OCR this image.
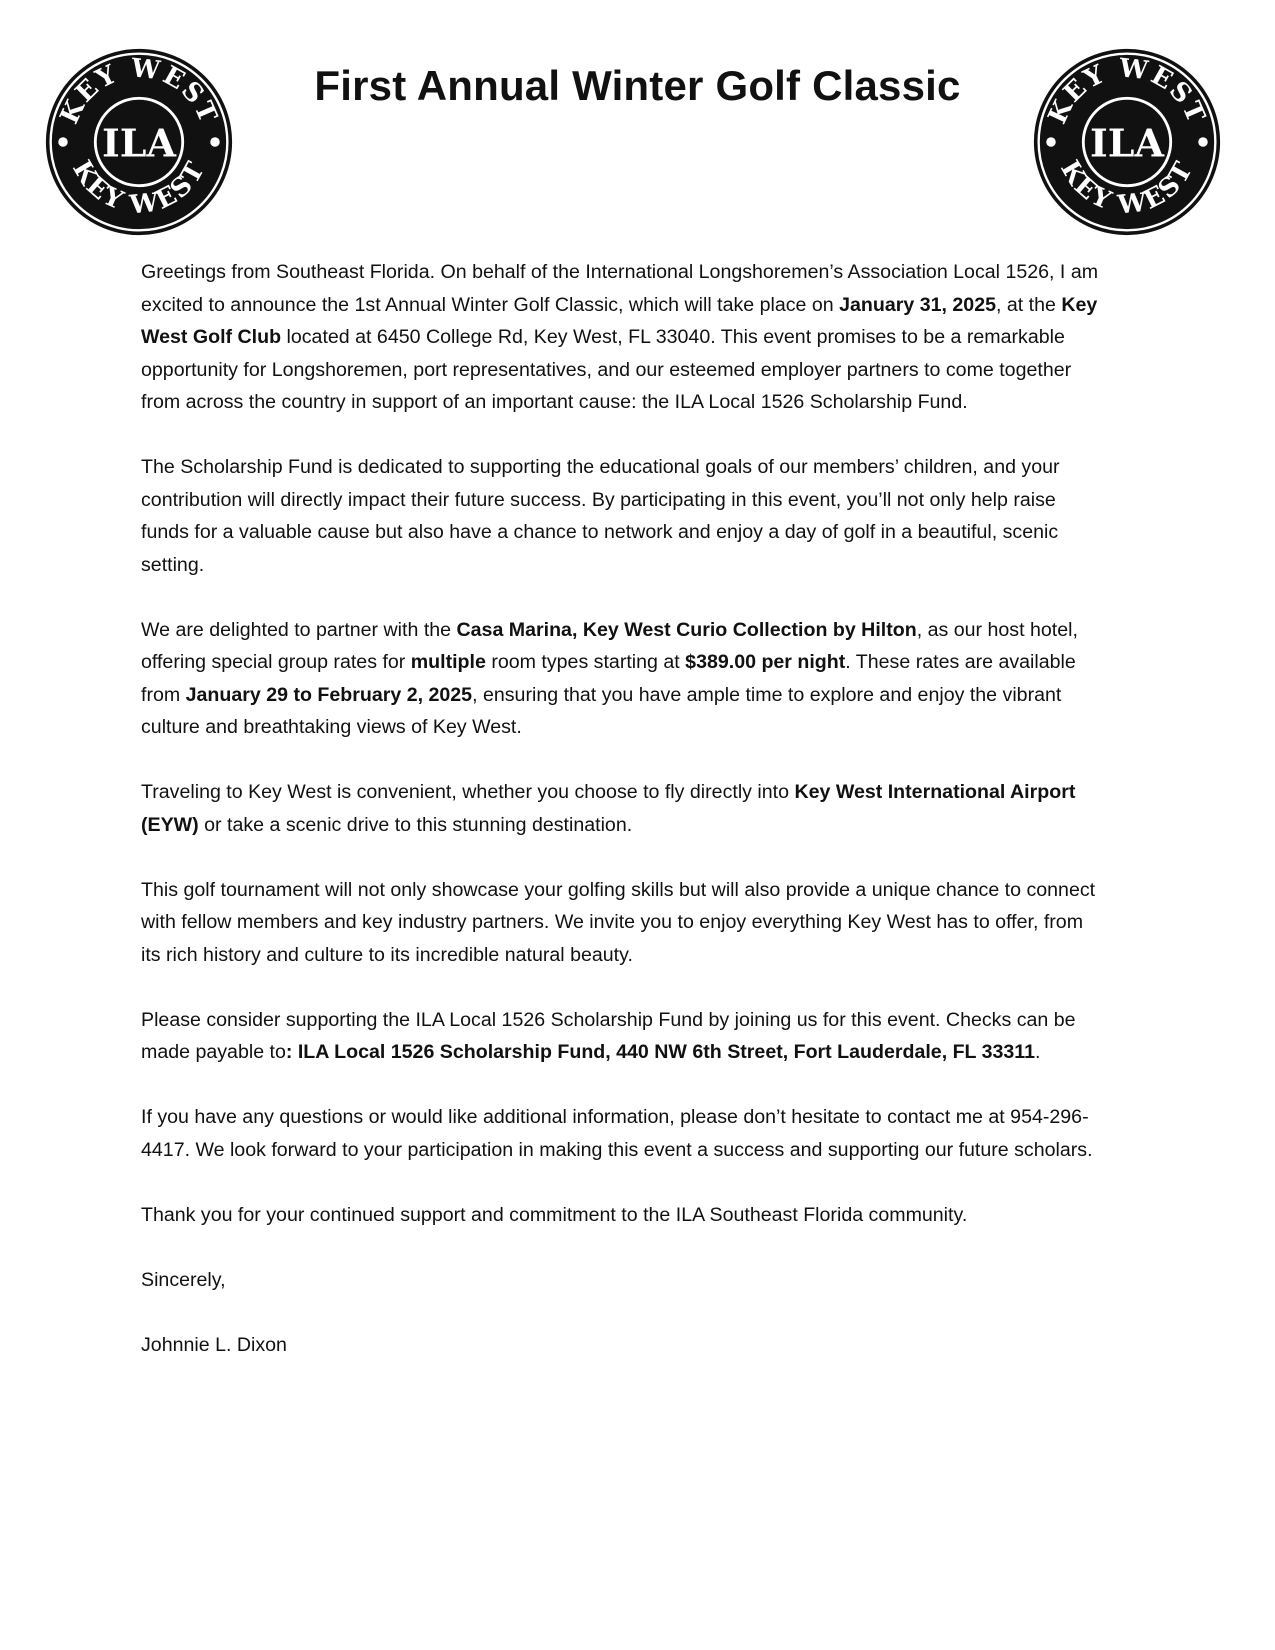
KEY WEST
KEY WEST
ILA
First Annual Winter Golf Classic
KEY WEST
KEY WEST
ILA

Greetings from Southeast Florida. On behalf of the International Longshoremen’s Association Local 1526, I am excited to announce the 1st Annual Winter Golf Classic, which will take place on January 31, 2025, at the Key West Golf Club located at 6450 College Rd, Key West, FL 33040. This event promises to be a remarkable opportunity for Longshoremen, port representatives, and our esteemed employer partners to come together from across the country in support of an important cause: the ILA Local 1526 Scholarship Fund.

The Scholarship Fund is dedicated to supporting the educational goals of our members’ children, and your contribution will directly impact their future success. By participating in this event, you’ll not only help raise funds for a valuable cause but also have a chance to network and enjoy a day of golf in a beautiful, scenic setting.

We are delighted to partner with the Casa Marina, Key West Curio Collection by Hilton, as our host hotel, offering special group rates for multiple room types starting at $389.00 per night. These rates are available from January 29 to February 2, 2025, ensuring that you have ample time to explore and enjoy the vibrant culture and breathtaking views of Key West.

Traveling to Key West is convenient, whether you choose to fly directly into Key West International Airport (EYW) or take a scenic drive to this stunning destination.

This golf tournament will not only showcase your golfing skills but will also provide a unique chance to connect with fellow members and key industry partners. We invite you to enjoy everything Key West has to offer, from its rich history and culture to its incredible natural beauty.

Please consider supporting the ILA Local 1526 Scholarship Fund by joining us for this event. Checks can be made payable to: ILA Local 1526 Scholarship Fund, 440 NW 6th Street, Fort Lauderdale, FL 33311.

If you have any questions or would like additional information, please don’t hesitate to contact me at 954-296-4417. We look forward to your participation in making this event a success and supporting our future scholars.

Thank you for your continued support and commitment to the ILA Southeast Florida community.

Sincerely,

Johnnie L. Dixon
